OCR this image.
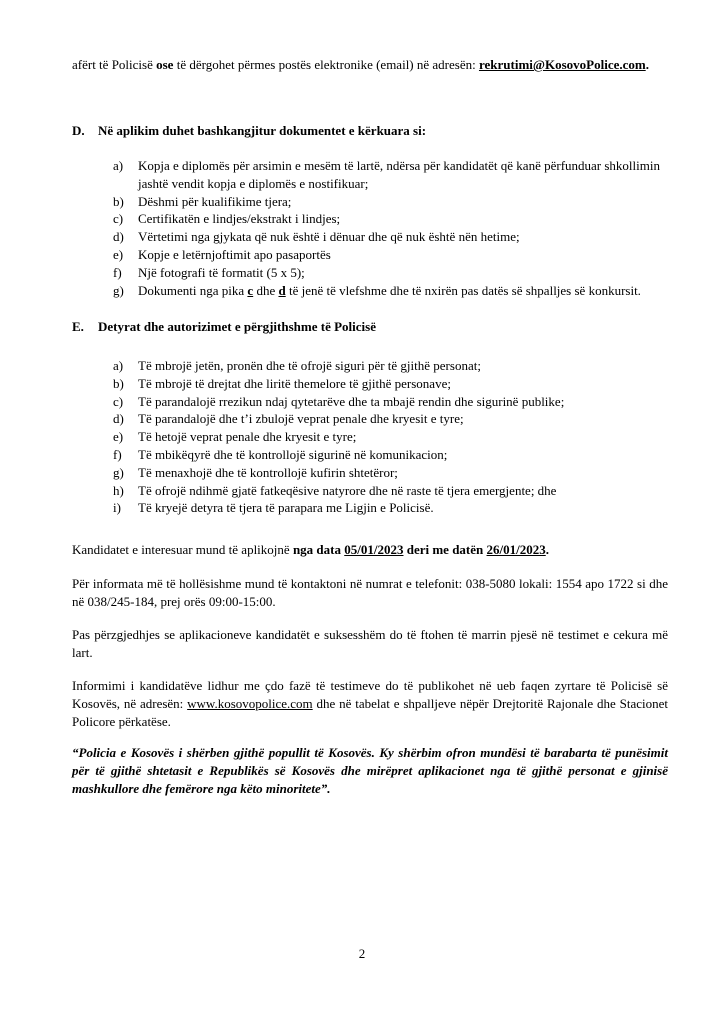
afërt të Policisë ose të dërgohet përmes postës elektronike (email) në adresën: rekrutimi@KosovoPolice.com.

D. Në aplikim duhet bashkangjitur dokumentet e kërkuara si:

a) Kopja e diplomës për arsimin e mesëm të lartë, ndërsa për kandidatët që kanë përfunduar shkollimin jashtë vendit kopja e diplomës e nostifikuar;
b) Dëshmi për kualifikime tjera;
c) Certifikatën e lindjes/ekstrakt i lindjes;
d) Vërtetimi nga gjykata që nuk është i dënuar dhe që nuk është nën hetime;
e) Kopje e letërnjoftimit apo pasaportës
f) Një fotografi të formatit (5 x 5);
g) Dokumenti nga pika c dhe d të jenë të vlefshme dhe të nxirën pas datës së shpalljes së konkursit.

E. Detyrat dhe autorizimet e përgjithshme të Policisë

a) Të mbrojë jetën, pronën dhe të ofrojë siguri për të gjithë personat;
b) Të mbrojë të drejtat dhe liritë themelore të gjithë personave;
c) Të parandalojë rrezikun ndaj qytetarëve dhe ta mbajë rendin dhe sigurinë publike;
d) Të parandalojë dhe t’i zbulojë veprat penale dhe kryesit e tyre;
e) Të hetojë veprat penale dhe kryesit e tyre;
f) Të mbikëqyrë dhe të kontrollojë sigurinë në komunikacion;
g) Të menaxhojë dhe të kontrollojë kufirin shtetëror;
h) Të ofrojë ndihmë gjatë fatkeqësive natyrore dhe në raste të tjera emergjente; dhe
i) Të kryejë detyra të tjera të parapara me Ligjin e Policisë.

Kandidatet e interesuar mund të aplikojnë nga data 05/01/2023 deri me datën 26/01/2023.

Për informata më të hollësishme mund të kontaktoni në numrat e telefonit: 038-5080 lokali: 1554 apo 1722 si dhe në 038/245-184, prej orës 09:00-15:00.

Pas përzgjedhjes se aplikacioneve kandidatët e suksesshëm do të ftohen të marrin pjesë në testimet e cekura më lart.

Informimi i kandidatëve lidhur me çdo fazë të testimeve do të publikohet në ueb faqen zyrtare të Policisë së Kosovës, në adresën: www.kosovopolice.com dhe në tabelat e shpalljeve nëpër Drejtoritë Rajonale dhe Stacionet Policore përkatëse.

“Policia e Kosovës i shërben gjithë popullit të Kosovës. Ky shërbim ofron mundësi të barabarta të punësimit për të gjithë shtetasit e Republikës së Kosovës dhe mirëpret aplikacionet nga të gjithë personat e gjinisë mashkullore dhe femërore nga këto minoritete”.

2
